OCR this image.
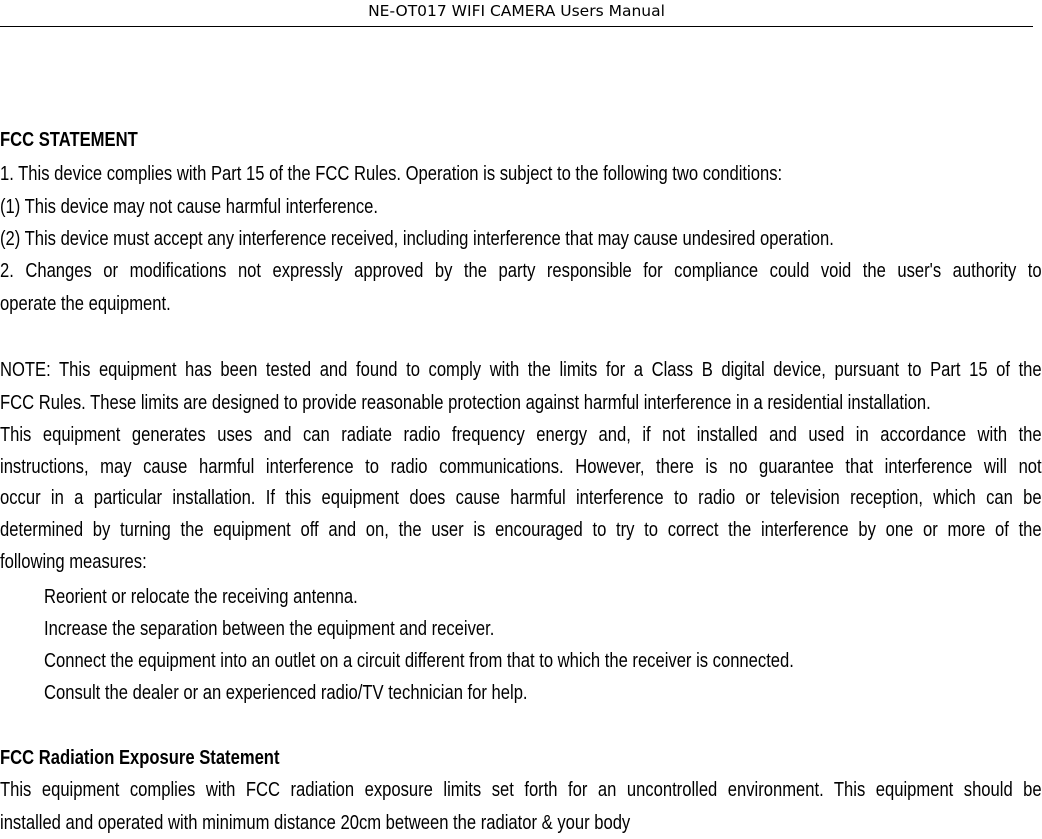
NE-OT017 WIFI CAMERA Users Manual
FCC STATEMENT
1. This device complies with Part 15 of the FCC Rules. Operation is subject to the following two conditions:
(1) This device may not cause harmful interference.
(2) This device must accept any interference received, including interference that may cause undesired operation.
2. Changes or modifications not expressly approved by the party responsible for compliance could void the user's authority to
operate the equipment.
NOTE: This equipment has been tested and found to comply with the limits for a Class B digital device, pursuant to Part 15 of the
FCC Rules. These limits are designed to provide reasonable protection against harmful interference in a residential installation.
This equipment generates uses and can radiate radio frequency energy and, if not installed and used in accordance with the
instructions, may cause harmful interference to radio communications. However, there is no guarantee that interference will not
occur in a particular installation. If this equipment does cause harmful interference to radio or television reception, which can be
determined by turning the equipment off and on, the user is encouraged to try to correct the interference by one or more of the
following measures:
Reorient or relocate the receiving antenna.
Increase the separation between the equipment and receiver.
Connect the equipment into an outlet on a circuit different from that to which the receiver is connected.
Consult the dealer or an experienced radio/TV technician for help.
FCC Radiation Exposure Statement
This equipment complies with FCC radiation exposure limits set forth for an uncontrolled environment. This equipment should be
installed and operated with minimum distance 20cm between the radiator & your body
